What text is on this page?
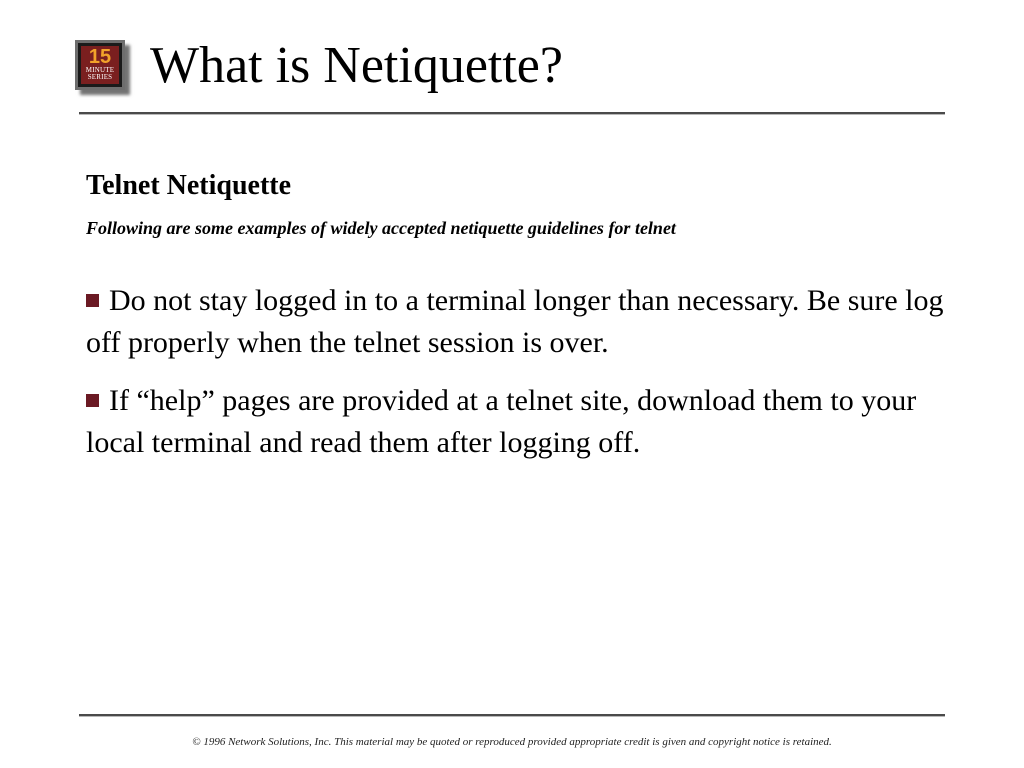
15
MINUTE
SERIES What is Netiquette?
Telnet Netiquette

Following are some examples of widely accepted netiquette guidelines for telnet

Do not stay logged in to a terminal longer than necessary. Be sure log off properly when the telnet session is over.

If “help” pages are provided at a telnet site, download them to your local terminal and read them after logging off.

© 1996 Network Solutions, Inc. This material may be quoted or reproduced provided appropriate credit is given and copyright notice is retained.
